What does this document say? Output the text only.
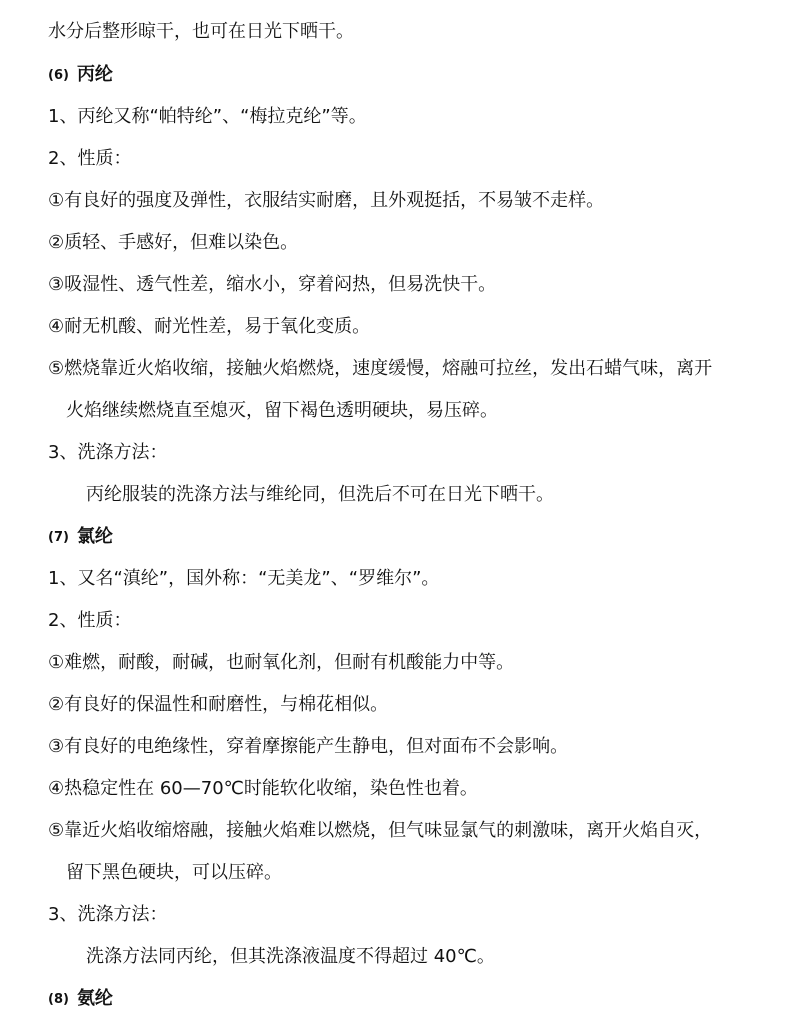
水分后整形晾干，也可在日光下晒干。
(6) 丙纶
1、丙纶又称“帕特纶”、“梅拉克纶”等。
2、性质：
①有良好的强度及弹性，衣服结实耐磨，且外观挺括，不易皱不走样。
②质轻、手感好，但难以染色。
③吸湿性、透气性差，缩水小，穿着闷热，但易洗快干。
④耐无机酸、耐光性差，易于氧化变质。
⑤燃烧靠近火焰收缩，接触火焰燃烧，速度缓慢，熔融可拉丝，发出石蜡气味，离开
火焰继续燃烧直至熄灭，留下褐色透明硬块，易压碎。
3、洗涤方法：
丙纶服装的洗涤方法与维纶同，但洗后不可在日光下晒干。
(7) 氯纶
1、又名“滇纶”，国外称：“无美龙”、“罗维尔”。
2、性质：
①难燃，耐酸，耐碱，也耐氧化剂，但耐有机酸能力中等。
②有良好的保温性和耐磨性，与棉花相似。
③有良好的电绝缘性，穿着摩擦能产生静电，但对面布不会影响。
④热稳定性在 60—70℃时能软化收缩，染色性也着。
⑤靠近火焰收缩熔融，接触火焰难以燃烧，但气味显氯气的刺激味，离开火焰自灭，
留下黑色硬块，可以压碎。
3、洗涤方法：
洗涤方法同丙纶，但其洗涤液温度不得超过 40℃。
(8) 氨纶
